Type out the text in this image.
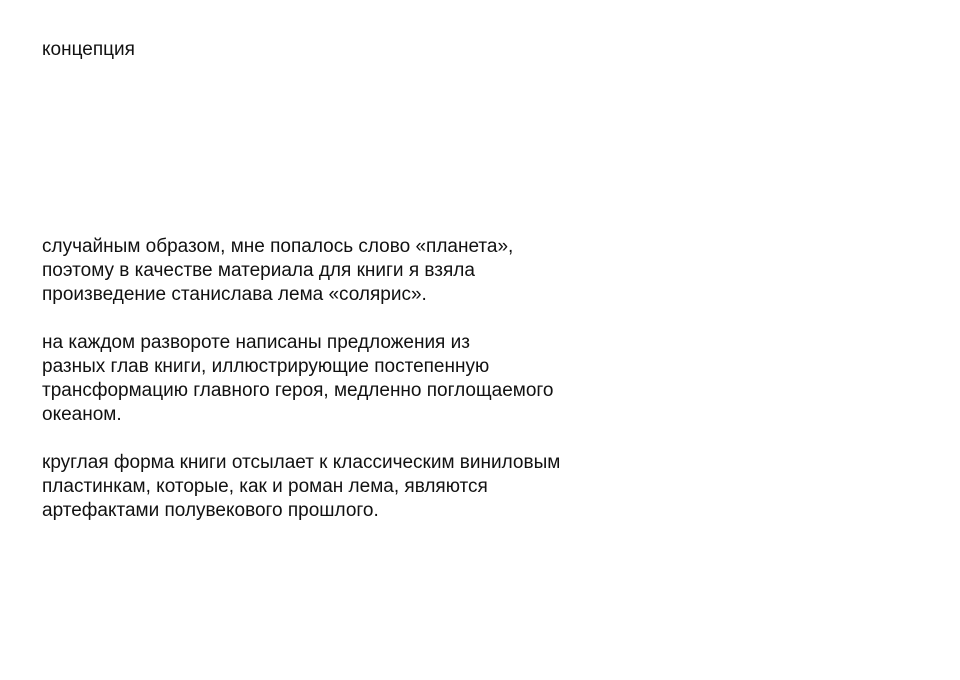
концепция

случайным образом, мне попалось слово «планета»,
поэтому в качестве материала для книги я взяла
произведение станислава лема «солярис».

на каждом развороте написаны предложения из
разных глав книги, иллюстрирующие постепенную
трансформацию главного героя, медленно поглощаемого
океаном.

круглая форма книги отсылает к классическим виниловым
пластинкам, которые, как и роман лема, являются
артефактами полувекового прошлого.
